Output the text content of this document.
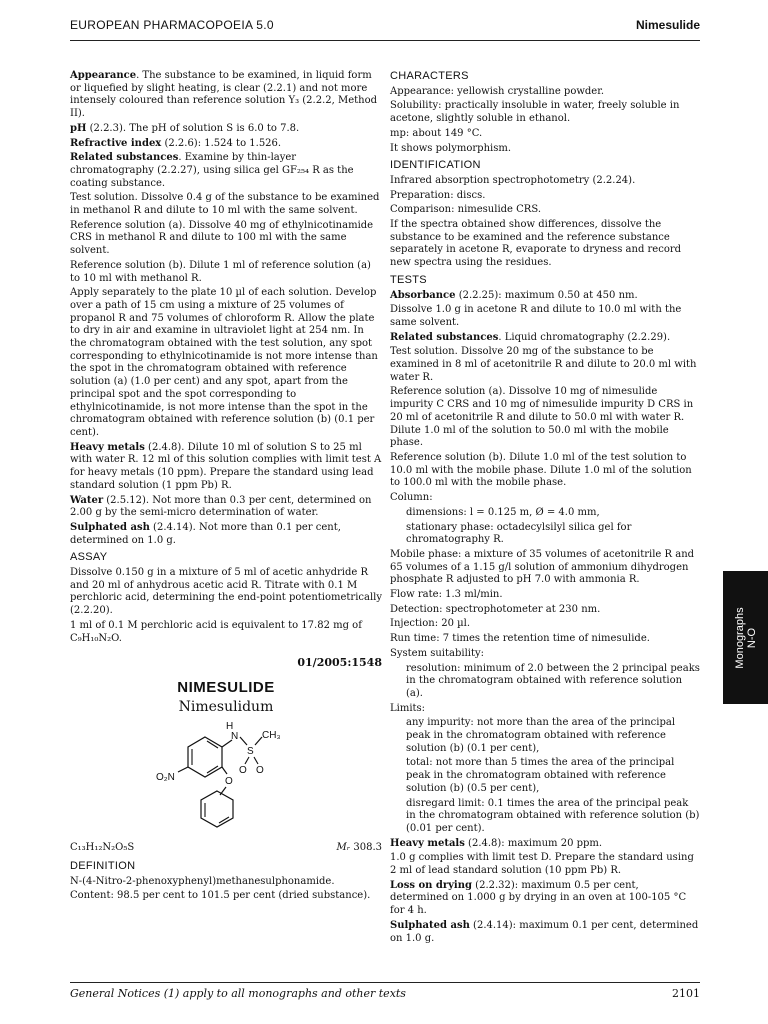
EUROPEAN PHARMACOPOEIA 5.0	Nimesulide

Appearance. The substance to be examined, in liquid form or liquefied by slight heating, is clear (2.2.1) and not more intensely coloured than reference solution Y₃ (2.2.2, Method II).

pH (2.2.3). The pH of solution S is 6.0 to 7.8.

Refractive index (2.2.6): 1.524 to 1.526.

Related substances. Examine by thin-layer chromatography (2.2.27), using silica gel GF₂₅₄ R as the coating substance.

Test solution. Dissolve 0.4 g of the substance to be examined in methanol R and dilute to 10 ml with the same solvent.

Reference solution (a). Dissolve 40 mg of ethylnicotinamide CRS in methanol R and dilute to 100 ml with the same solvent.

Reference solution (b). Dilute 1 ml of reference solution (a) to 10 ml with methanol R.

Apply separately to the plate 10 µl of each solution. Develop over a path of 15 cm using a mixture of 25 volumes of propanol R and 75 volumes of chloroform R. Allow the plate to dry in air and examine in ultraviolet light at 254 nm. In the chromatogram obtained with the test solution, any spot corresponding to ethylnicotinamide is not more intense than the spot in the chromatogram obtained with reference solution (a) (1.0 per cent) and any spot, apart from the principal spot and the spot corresponding to ethylnicotinamide, is not more intense than the spot in the chromatogram obtained with reference solution (b) (0.1 per cent).

Heavy metals (2.4.8). Dilute 10 ml of solution S to 25 ml with water R. 12 ml of this solution complies with limit test A for heavy metals (10 ppm). Prepare the standard using lead standard solution (1 ppm Pb) R.

Water (2.5.12). Not more than 0.3 per cent, determined on 2.00 g by the semi-micro determination of water.

Sulphated ash (2.4.14). Not more than 0.1 per cent, determined on 1.0 g.

ASSAY

Dissolve 0.150 g in a mixture of 5 ml of acetic anhydride R and 20 ml of anhydrous acetic acid R. Titrate with 0.1 M perchloric acid, determining the end-point potentiometrically (2.2.20).

1 ml of 0.1 M perchloric acid is equivalent to 17.82 mg of C₉H₁₀N₂O.

01/2005:1548
NIMESULIDE
Nimesulidum
N
H
S
CH₃
O O
O₂N	O
C₁₃H₁₂N₂O₅S	Mᵣ 308.3
DEFINITION

N-(4-Nitro-2-phenoxyphenyl)methanesulphonamide.

Content: 98.5 per cent to 101.5 per cent (dried substance).

CHARACTERS

Appearance: yellowish crystalline powder.

Solubility: practically insoluble in water, freely soluble in acetone, slightly soluble in ethanol.

mp: about 149 °C.

It shows polymorphism.

IDENTIFICATION

Infrared absorption spectrophotometry (2.2.24).

Preparation: discs.

Comparison: nimesulide CRS.

If the spectra obtained show differences, dissolve the substance to be examined and the reference substance separately in acetone R, evaporate to dryness and record new spectra using the residues.

TESTS

Absorbance (2.2.25): maximum 0.50 at 450 nm.

Dissolve 1.0 g in acetone R and dilute to 10.0 ml with the same solvent.

Related substances. Liquid chromatography (2.2.29).

Test solution. Dissolve 20 mg of the substance to be examined in 8 ml of acetonitrile R and dilute to 20.0 ml with water R.

Reference solution (a). Dissolve 10 mg of nimesulide impurity C CRS and 10 mg of nimesulide impurity D CRS in 20 ml of acetonitrile R and dilute to 50.0 ml with water R. Dilute 1.0 ml of the solution to 50.0 ml with the mobile phase.

Reference solution (b). Dilute 1.0 ml of the test solution to 10.0 ml with the mobile phase. Dilute 1.0 ml of the solution to 100.0 ml with the mobile phase.

Column:

dimensions: l = 0.125 m, Ø = 4.0 mm,

stationary phase: octadecylsilyl silica gel for chromatography R.

Mobile phase: a mixture of 35 volumes of acetonitrile R and 65 volumes of a 1.15 g/l solution of ammonium dihydrogen phosphate R adjusted to pH 7.0 with ammonia R.

Flow rate: 1.3 ml/min.

Detection: spectrophotometer at 230 nm.

Injection: 20 µl.

Run time: 7 times the retention time of nimesulide.

System suitability:

resolution: minimum of 2.0 between the 2 principal peaks in the chromatogram obtained with reference solution (a).

Limits:

any impurity: not more than the area of the principal peak in the chromatogram obtained with reference solution (b) (0.1 per cent),

total: not more than 5 times the area of the principal peak in the chromatogram obtained with reference solution (b) (0.5 per cent),

disregard limit: 0.1 times the area of the principal peak in the chromatogram obtained with reference solution (b) (0.01 per cent).

Heavy metals (2.4.8): maximum 20 ppm.

1.0 g complies with limit test D. Prepare the standard using 2 ml of lead standard solution (10 ppm Pb) R.

Loss on drying (2.2.32): maximum 0.5 per cent, determined on 1.000 g by drying in an oven at 100-105 °C for 4 h.

Sulphated ash (2.4.14): maximum 0.1 per cent, determined on 1.0 g.

Monographs N-O
General Notices (1) apply to all monographs and other texts	2101
